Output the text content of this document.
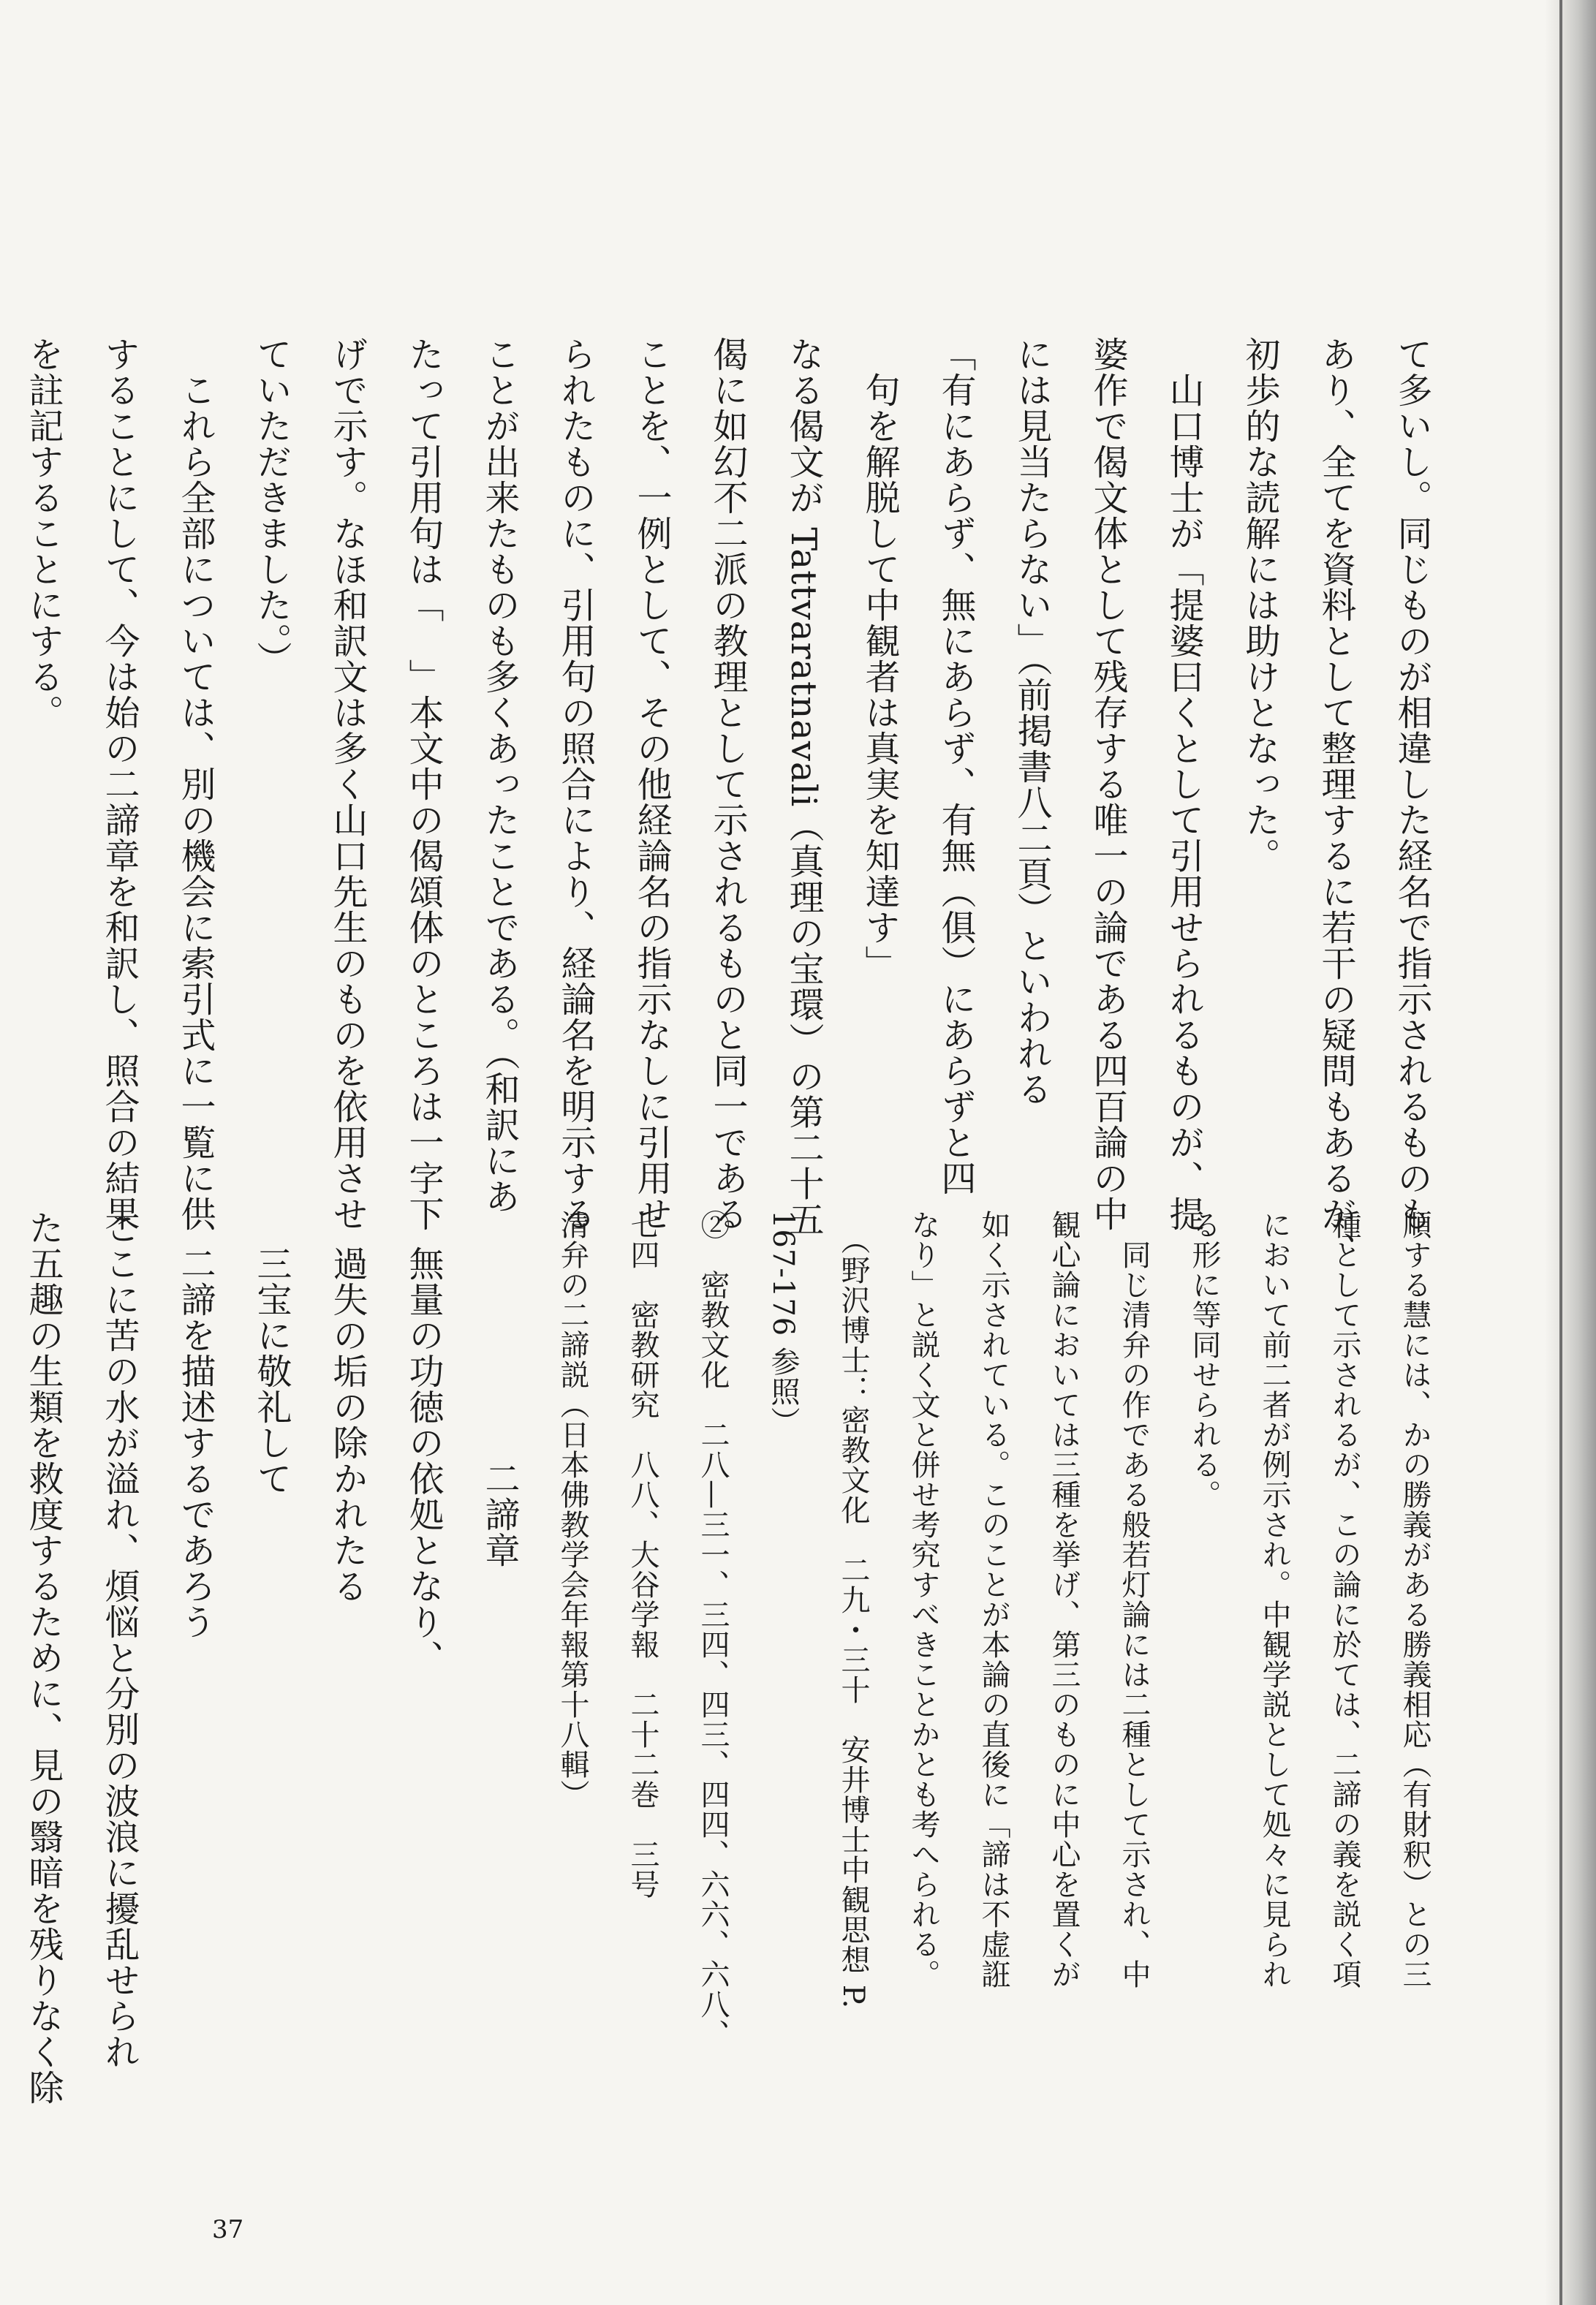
て多いし。同じものが相違した経名で指示されるものも
あり、全てを資料として整理するに若干の疑問もあるが、
初歩的な読解には助けとなった。
　山口博士が「提婆曰くとして引用せられるものが、提
婆作で偈文体として残存する唯一の論である四百論の中
には見当たらない」（前掲書八二頁）といわれる
「有にあらず、無にあらず、有無（俱）にあらずと四
　句を解脱して中観者は真実を知達す」
なる偈文が Tattvaratnavali（真理の宝環）の第二十五
偈に如幻不二派の教理として示されるものと同一である
ことを、一例として、その他経論名の指示なしに引用せ
られたものに、引用句の照合により、経論名を明示する
ことが出来たものも多くあったことである。（和訳にあ
たって引用句は「　」本文中の偈頌体のところは一字下
げで示す。なほ和訳文は多く山口先生のものを依用させ
ていただきました。）
　これら全部については、別の機会に索引式に一覧に供
することにして、今は始の二諦章を和訳し、照合の結果
を註記することにする。
順する慧には、かの勝義がある勝義相応（有財釈）との三
種として示されるが、この論に於ては、二諦の義を説く項
において前二者が例示され。中観学説として処々に見られ
る形に等同せられる。
　同じ清弁の作である般若灯論には二種として示され、中
観心論においては三種を挙げ、第三のものに中心を置くが
如く示されている。このことが本論の直後に「諦は不虚誑
なり」と説く文と併せ考究すべきことかとも考へられる。
　（野沢博士：密教文化　二九・三十　安井博士中観思想 P.
167-176 参照）
②　密教文化　二八—三一、三四、四三、四四、六六、六八、
七四　密教研究　八八、大谷学報　二十二巻　三号
清弁の二諦説（日本佛教学会年報第十八輯）
　　　　　　　二諦章
　無量の功徳の依処となり、
　過失の垢の除かれたる
　三宝に敬礼して
　二諦を描述するであろう
ここに苦の水が溢れ、煩悩と分別の波浪に擾乱せられ
た五趣の生類を救度するために、見の翳暗を残りなく除
37
